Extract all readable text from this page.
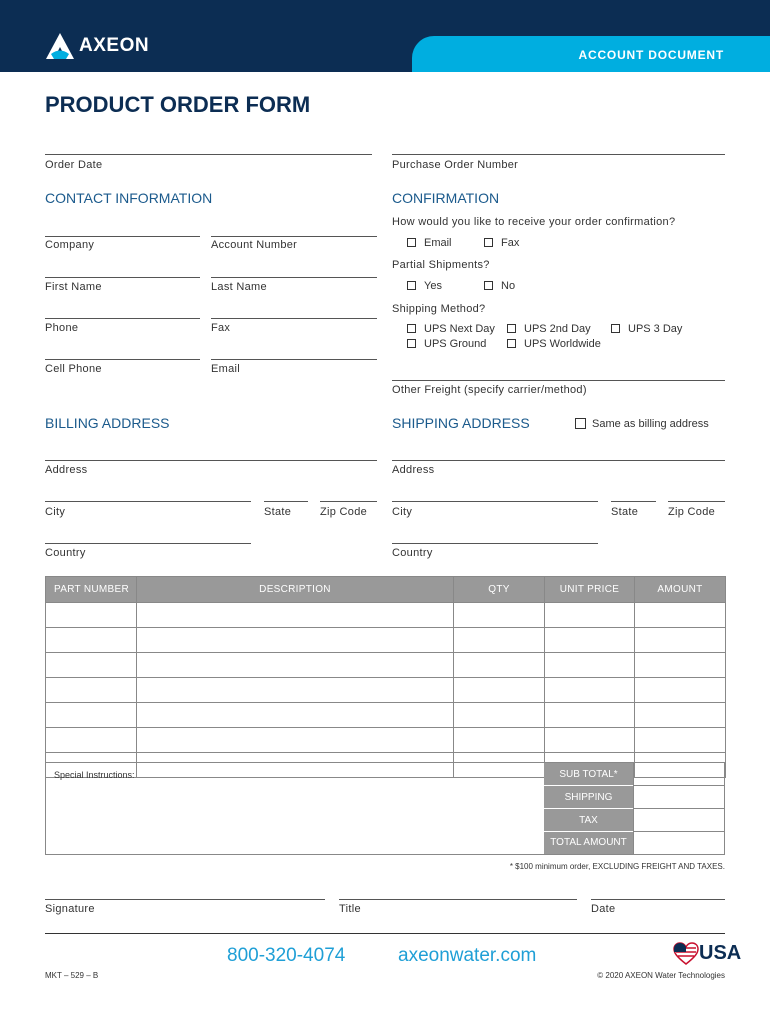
ACCOUNT DOCUMENT
AXEON
PRODUCT ORDER FORM
Order Date	Purchase Order Number
CONTACT INFORMATION
Company	Account Number
First Name	Last Name
Phone	Fax
Cell Phone	Email
CONFIRMATION
How would you like to receive your order confirmation?
Email	Fax
Partial Shipments?
Yes	No
Shipping Method?
UPS Next Day	UPS 2nd Day	UPS 3 Day
UPS Ground	UPS Worldwide
Other Freight (specify carrier/method)
BILLING ADDRESS
Address
City	State	Zip Code
Country
SHIPPING ADDRESS	Same as billing address
Address
City	State	Zip Code
Country
PART NUMBER	DESCRIPTION	QTY	UNIT PRICE	AMOUNT

Special Instructions:	SUB TOTAL*
SHIPPING
TAX
TOTAL AMOUNT
* $100 minimum order, EXCLUDING FREIGHT AND TAXES.
Signature	Title	Date
800-320-4074	axeonwater.com	USA
MKT – 529 – B	© 2020 AXEON Water Technologies
